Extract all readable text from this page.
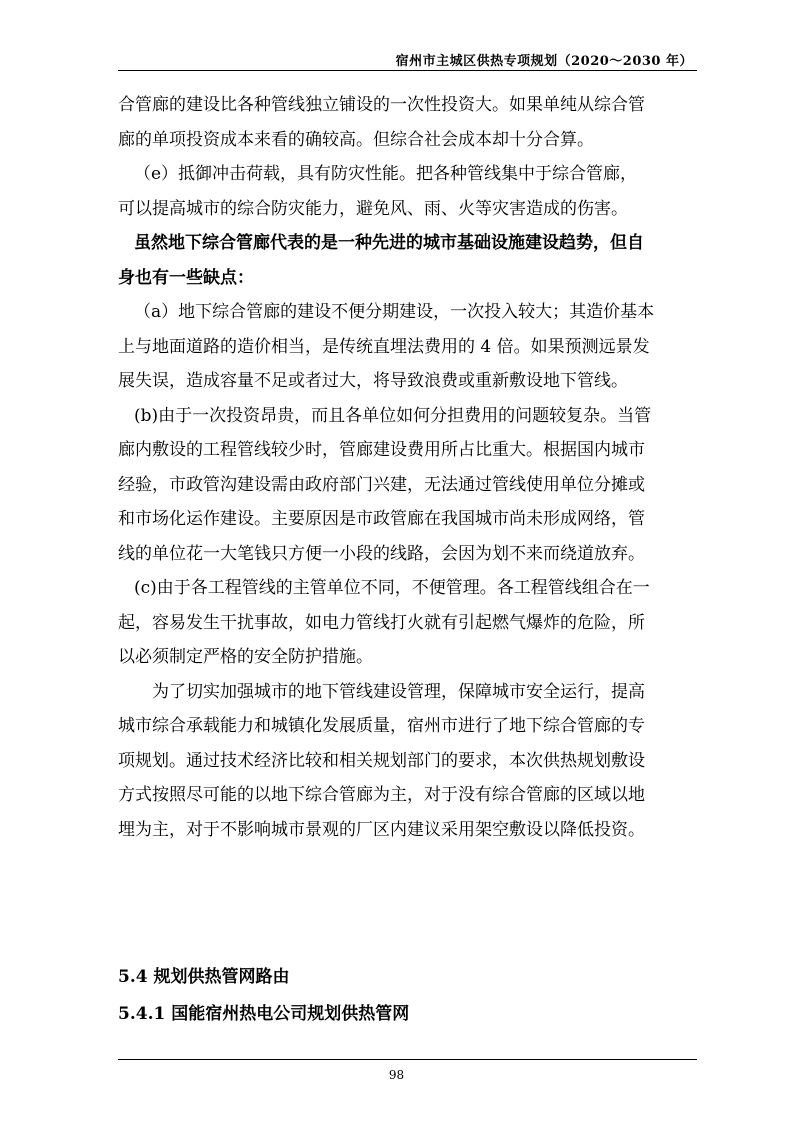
宿州市主城区供热专项规划（2020～2030 年）
合管廊的建设比各种管线独立铺设的一次性投资大。如果单纯从综合管
廊的单项投资成本来看的确较高。但综合社会成本却十分合算。
（e）抵御冲击荷载，具有防灾性能。把各种管线集中于综合管廊，
可以提高城市的综合防灾能力，避免风、雨、火等灾害造成的伤害。
虽然地下综合管廊代表的是一种先进的城市基础设施建设趋势，但自
身也有一些缺点：
（a）地下综合管廊的建设不便分期建设，一次投入较大；其造价基本
上与地面道路的造价相当，是传统直埋法费用的 4 倍。如果预测远景发
展失误，造成容量不足或者过大，将导致浪费或重新敷设地下管线。
(b)由于一次投资昂贵，而且各单位如何分担费用的问题较复杂。当管
廊内敷设的工程管线较少时，管廊建设费用所占比重大。根据国内城市
经验，市政管沟建设需由政府部门兴建，无法通过管线使用单位分摊或
和市场化运作建设。主要原因是市政管廊在我国城市尚未形成网络，管
线的单位花一大笔钱只方便一小段的线路，会因为划不来而绕道放弃。
(c)由于各工程管线的主管单位不同，不便管理。各工程管线组合在一
起，容易发生干扰事故，如电力管线打火就有引起燃气爆炸的危险，所
以必须制定严格的安全防护措施。
为了切实加强城市的地下管线建设管理，保障城市安全运行，提高
城市综合承载能力和城镇化发展质量，宿州市进行了地下综合管廊的专
项规划。通过技术经济比较和相关规划部门的要求，本次供热规划敷设
方式按照尽可能的以地下综合管廊为主，对于没有综合管廊的区域以地
埋为主，对于不影响城市景观的厂区内建议采用架空敷设以降低投资。
5.4 规划供热管网路由
5.4.1 国能宿州热电公司规划供热管网
98
